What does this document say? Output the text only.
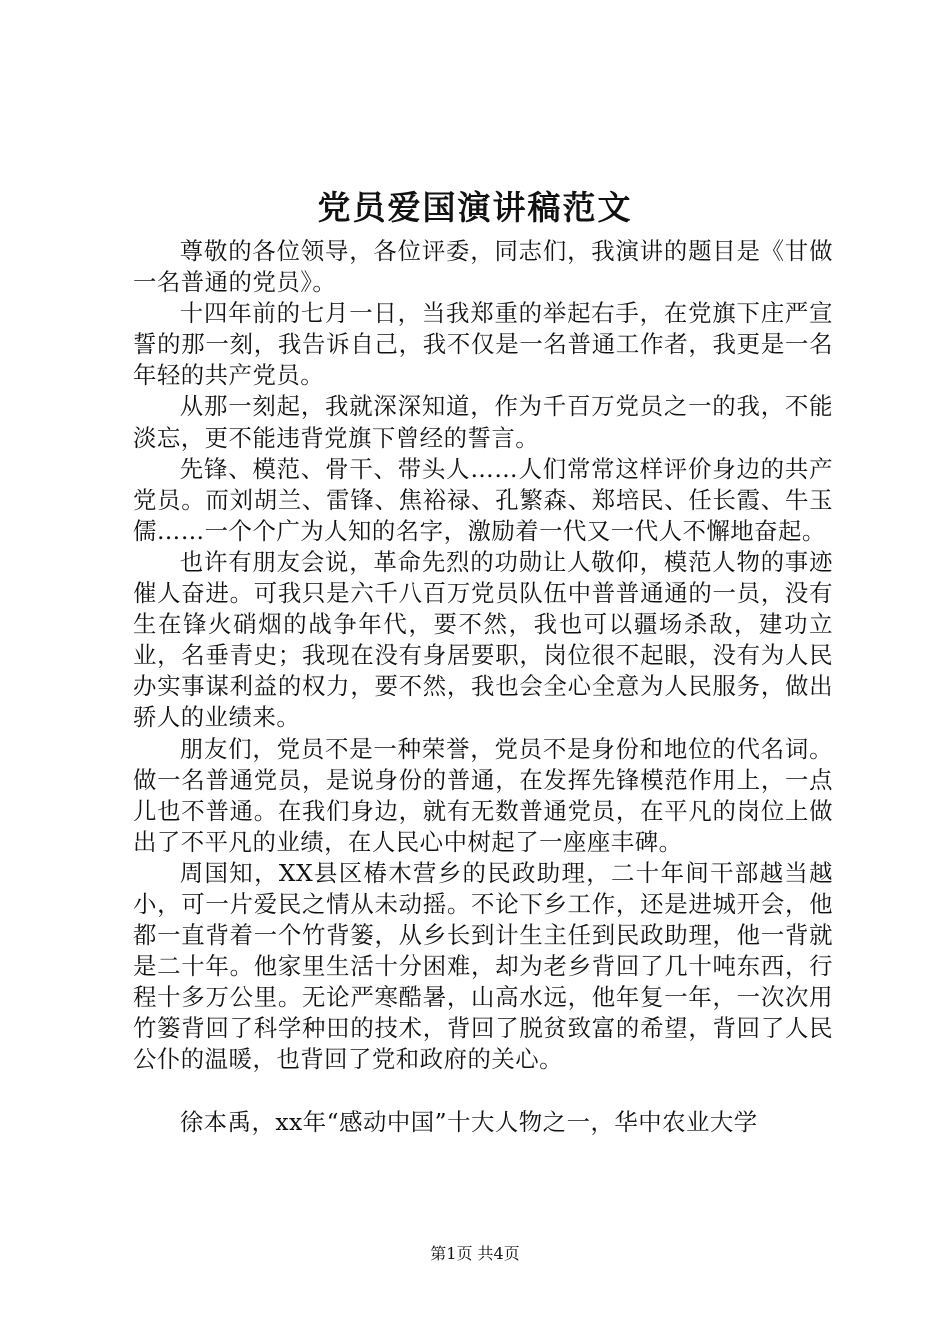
党员爱国演讲稿范文

尊敬的各位领导，各位评委，同志们，我演讲的题目是《甘做一名普通的党员》。

十四年前的七月一日，当我郑重的举起右手，在党旗下庄严宣誓的那一刻，我告诉自己，我不仅是一名普通工作者，我更是一名年轻的共产党员。

从那一刻起，我就深深知道，作为千百万党员之一的我，不能淡忘，更不能违背党旗下曾经的誓言。

先锋、模范、骨干、带头人……人们常常这样评价身边的共产党员。而刘胡兰、雷锋、焦裕禄、孔繁森、郑培民、任长霞、牛玉儒……一个个广为人知的名字，激励着一代又一代人不懈地奋起。

也许有朋友会说，革命先烈的功勋让人敬仰，模范人物的事迹催人奋进。可我只是六千八百万党员队伍中普普通通的一员，没有生在锋火硝烟的战争年代，要不然，我也可以疆场杀敌，建功立业，名垂青史；我现在没有身居要职，岗位很不起眼，没有为人民办实事谋利益的权力，要不然，我也会全心全意为人民服务，做出骄人的业绩来。

朋友们，党员不是一种荣誉，党员不是身份和地位的代名词。做一名普通党员，是说身份的普通，在发挥先锋模范作用上，一点儿也不普通。在我们身边，就有无数普通党员，在平凡的岗位上做出了不平凡的业绩，在人民心中树起了一座座丰碑。

周国知，XX县区椿木营乡的民政助理，二十年间干部越当越小，可一片爱民之情从未动摇。不论下乡工作，还是进城开会，他都一直背着一个竹背篓，从乡长到计生主任到民政助理，他一背就是二十年。他家里生活十分困难，却为老乡背回了几十吨东西，行程十多万公里。无论严寒酷暑，山高水远，他年复一年，一次次用竹篓背回了科学种田的技术，背回了脱贫致富的希望，背回了人民公仆的温暖，也背回了党和政府的关心。

徐本禹，xx年“感动中国”十大人物之一，华中农业大学

第1页 共4页
